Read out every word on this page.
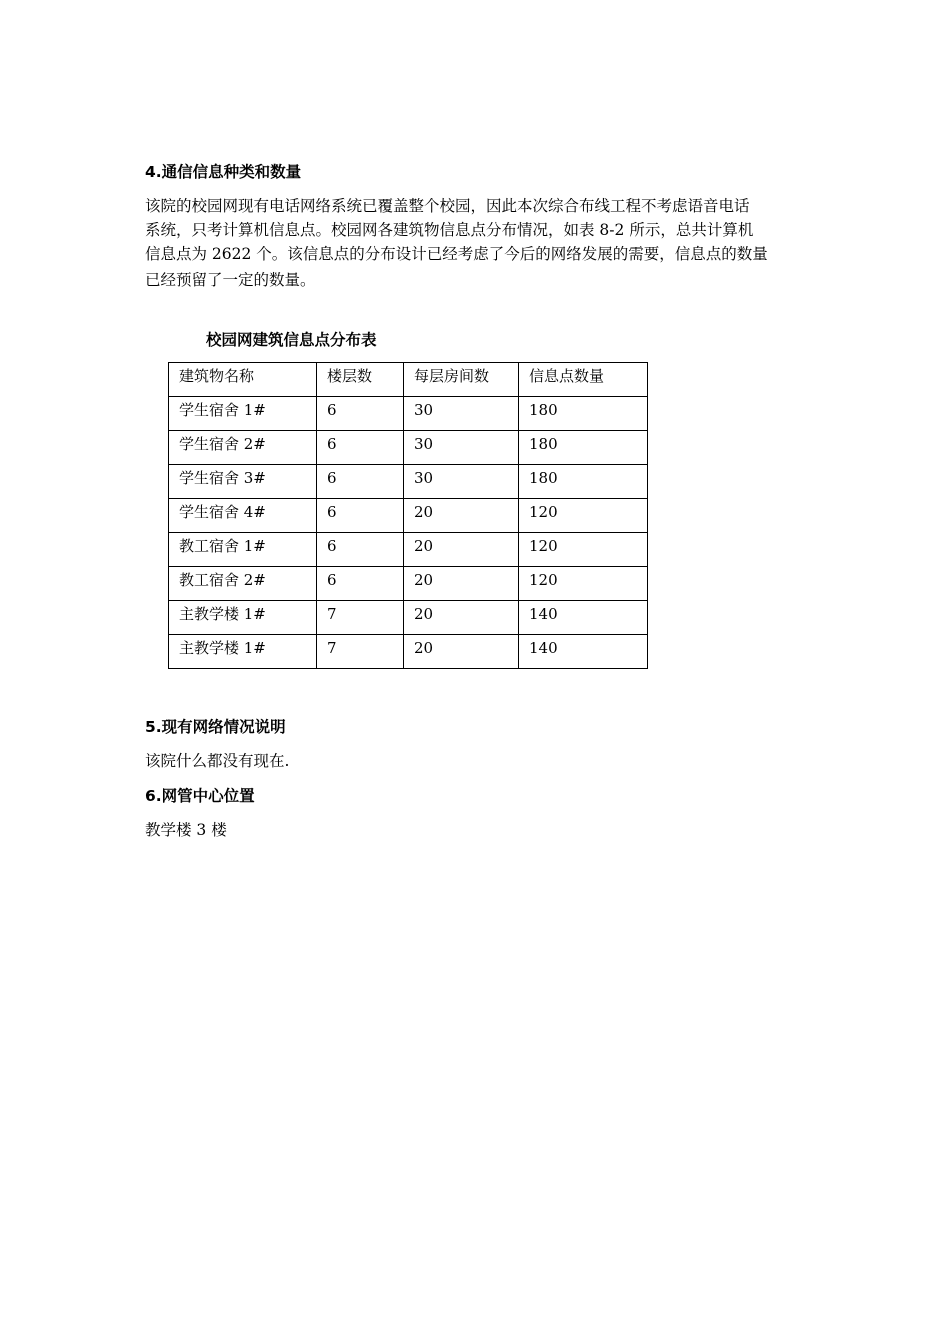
4.通信信息种类和数量
该院的校园网现有电话网络系统已覆盖整个校园，因此本次综合布线工程不考虑语音电话
系统，只考计算机信息点。校园网各建筑物信息点分布情况，如表 8-2 所示，总共计算机
信息点为 2622 个。该信息点的分布设计已经考虑了今后的网络发展的需要，信息点的数量
已经预留了一定的数量。
校园网建筑信息点分布表
建筑物名称	楼层数	每层房间数	信息点数量
学生宿舍 1#	6	30	180
学生宿舍 2#	6	30	180
学生宿舍 3#	6	30	180
学生宿舍 4#	6	20	120
教工宿舍 1#	6	20	120
教工宿舍 2#	6	20	120
主教学楼 1#	7	20	140
主教学楼 1#	7	20	140
5.现有网络情况说明
该院什么都没有现在.
6.网管中心位置
教学楼 3 楼
